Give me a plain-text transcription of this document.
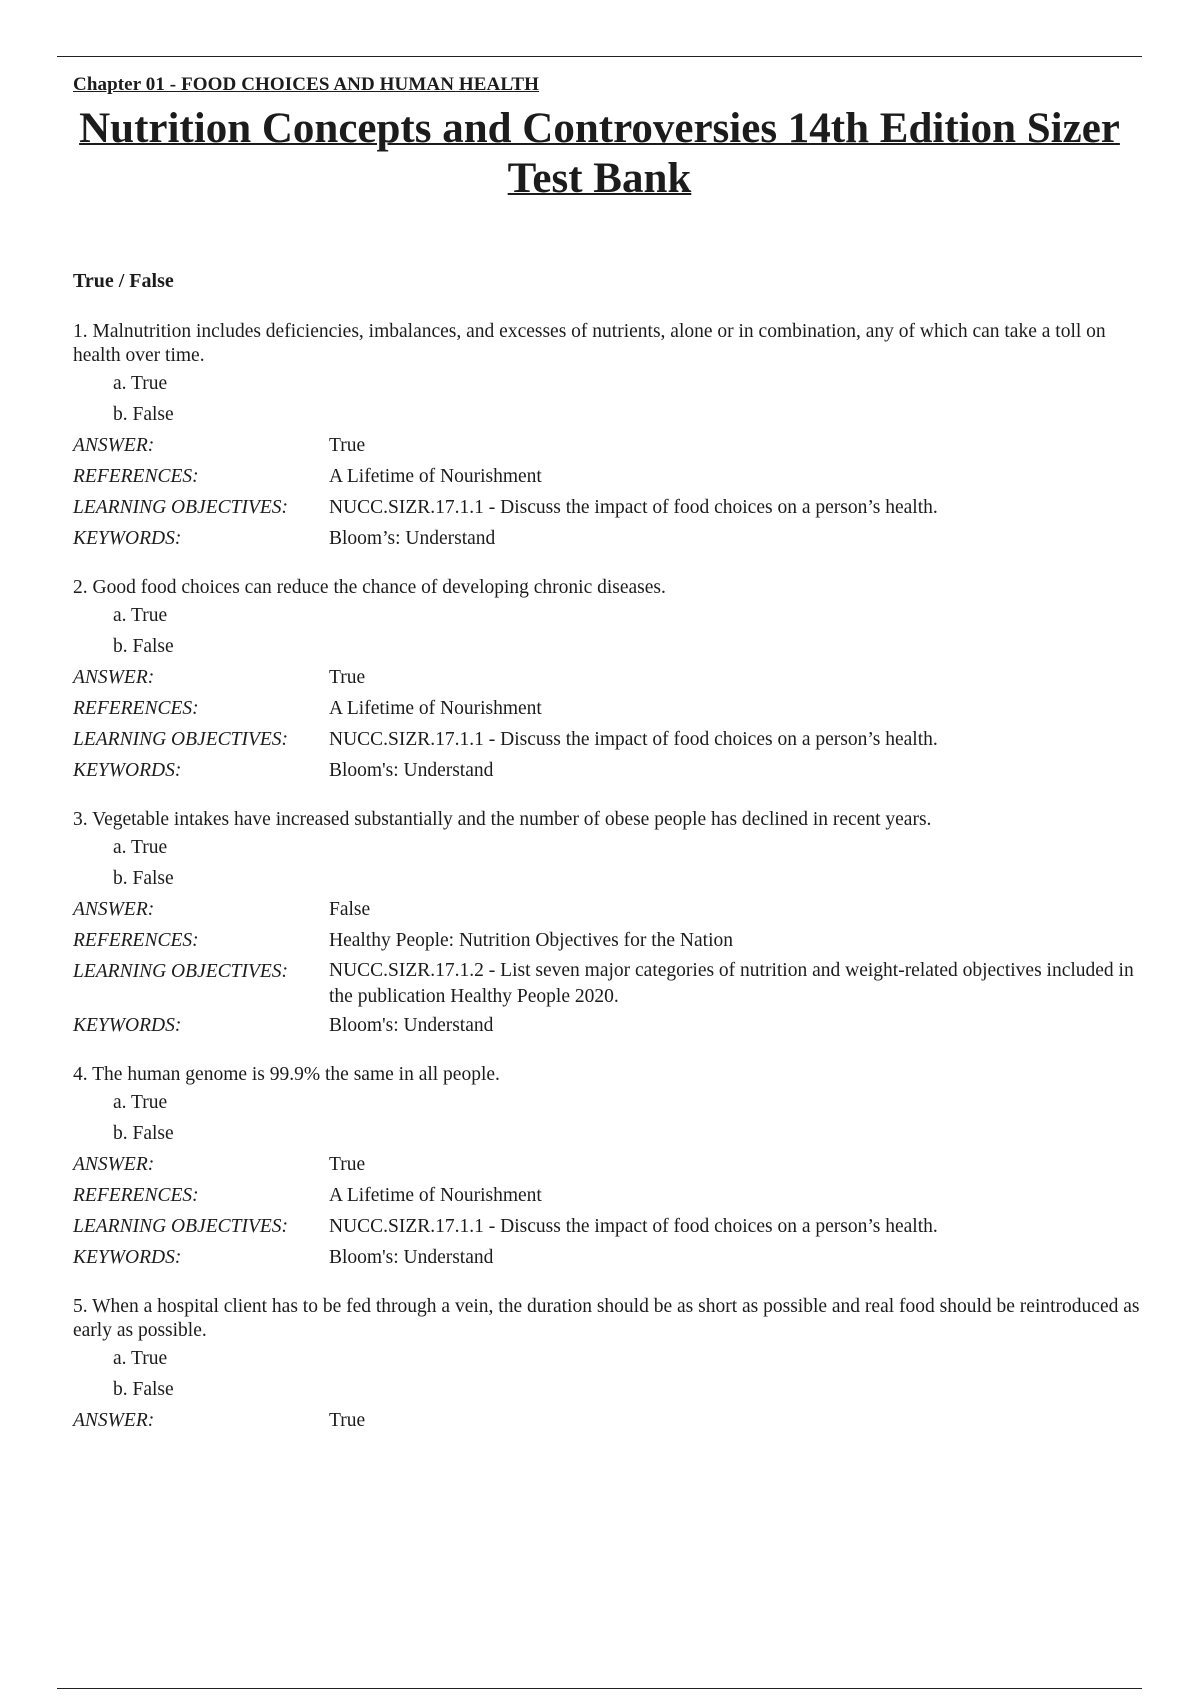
Chapter 01 - FOOD CHOICES AND HUMAN HEALTH
Nutrition Concepts and Controversies 14th Edition Sizer
Test Bank
True / False
1. Malnutrition includes deficiencies, imbalances, and excesses of nutrients, alone or in combination, any of which can take a toll on health over time.
a. True
b. False
ANSWER:	True
REFERENCES:	A Lifetime of Nourishment
LEARNING OBJECTIVES:	NUCC.SIZR.17.1.1 - Discuss the impact of food choices on a person’s health.
KEYWORDS:	Bloom’s: Understand
2. Good food choices can reduce the chance of developing chronic diseases.
a. True
b. False
ANSWER:	True
REFERENCES:	A Lifetime of Nourishment
LEARNING OBJECTIVES:	NUCC.SIZR.17.1.1 - Discuss the impact of food choices on a person’s health.
KEYWORDS:	Bloom's: Understand
3. Vegetable intakes have increased substantially and the number of obese people has declined in recent years.
a. True
b. False
ANSWER:	False
REFERENCES:	Healthy People: Nutrition Objectives for the Nation
LEARNING OBJECTIVES:	NUCC.SIZR.17.1.2 - List seven major categories of nutrition and weight-related objectives included in the publication Healthy People 2020.
KEYWORDS:	Bloom's: Understand
4. The human genome is 99.9% the same in all people.
a. True
b. False
ANSWER:	True
REFERENCES:	A Lifetime of Nourishment
LEARNING OBJECTIVES:	NUCC.SIZR.17.1.1 - Discuss the impact of food choices on a person’s health.
KEYWORDS:	Bloom's: Understand
5. When a hospital client has to be fed through a vein, the duration should be as short as possible and real food should be reintroduced as early as possible.
a. True
b. False
ANSWER:	True
